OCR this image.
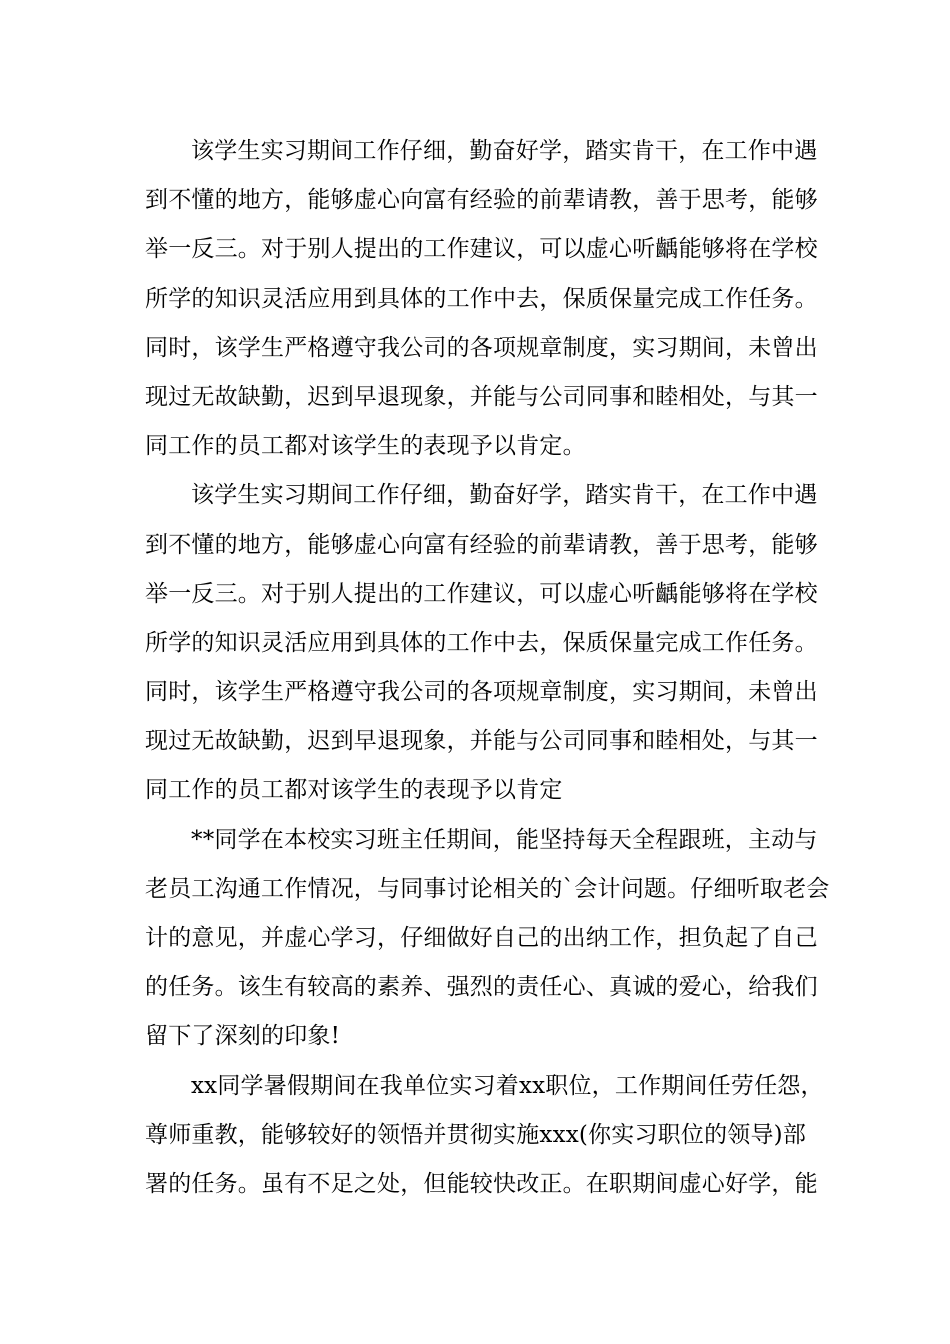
该学生实习期间工作仔细，勤奋好学，踏实肯干，在工作中遇
到不懂的地方，能够虚心向富有经验的前辈请教，善于思考，能够
举一反三。对于别人提出的工作建议，可以虚心听齲能够将在学校
所学的知识灵活应用到具体的工作中去，保质保量完成工作任务。
同时，该学生严格遵守我公司的各项规章制度，实习期间，未曾出
现过无故缺勤，迟到早退现象，并能与公司同事和睦相处，与其一
同工作的员工都对该学生的表现予以肯定。
该学生实习期间工作仔细，勤奋好学，踏实肯干，在工作中遇
到不懂的地方，能够虚心向富有经验的前辈请教，善于思考，能够
举一反三。对于别人提出的工作建议，可以虚心听齲能够将在学校
所学的知识灵活应用到具体的工作中去，保质保量完成工作任务。
同时，该学生严格遵守我公司的各项规章制度，实习期间，未曾出
现过无故缺勤，迟到早退现象，并能与公司同事和睦相处，与其一
同工作的员工都对该学生的表现予以肯定
**同学在本校实习班主任期间，能坚持每天全程跟班，主动与
老员工沟通工作情况，与同事讨论相关的`会计问题。仔细听取老会
计的意见，并虚心学习，仔细做好自己的出纳工作，担负起了自己
的任务。该生有较高的素养、强烈的责任心、真诚的爱心，给我们
留下了深刻的印象!
xx同学暑假期间在我单位实习着xx职位，工作期间任劳任怨，
尊师重教，能够较好的领悟并贯彻实施xxx(你实习职位的领导)部
署的任务。虽有不足之处，但能较快改正。在职期间虚心好学，能
